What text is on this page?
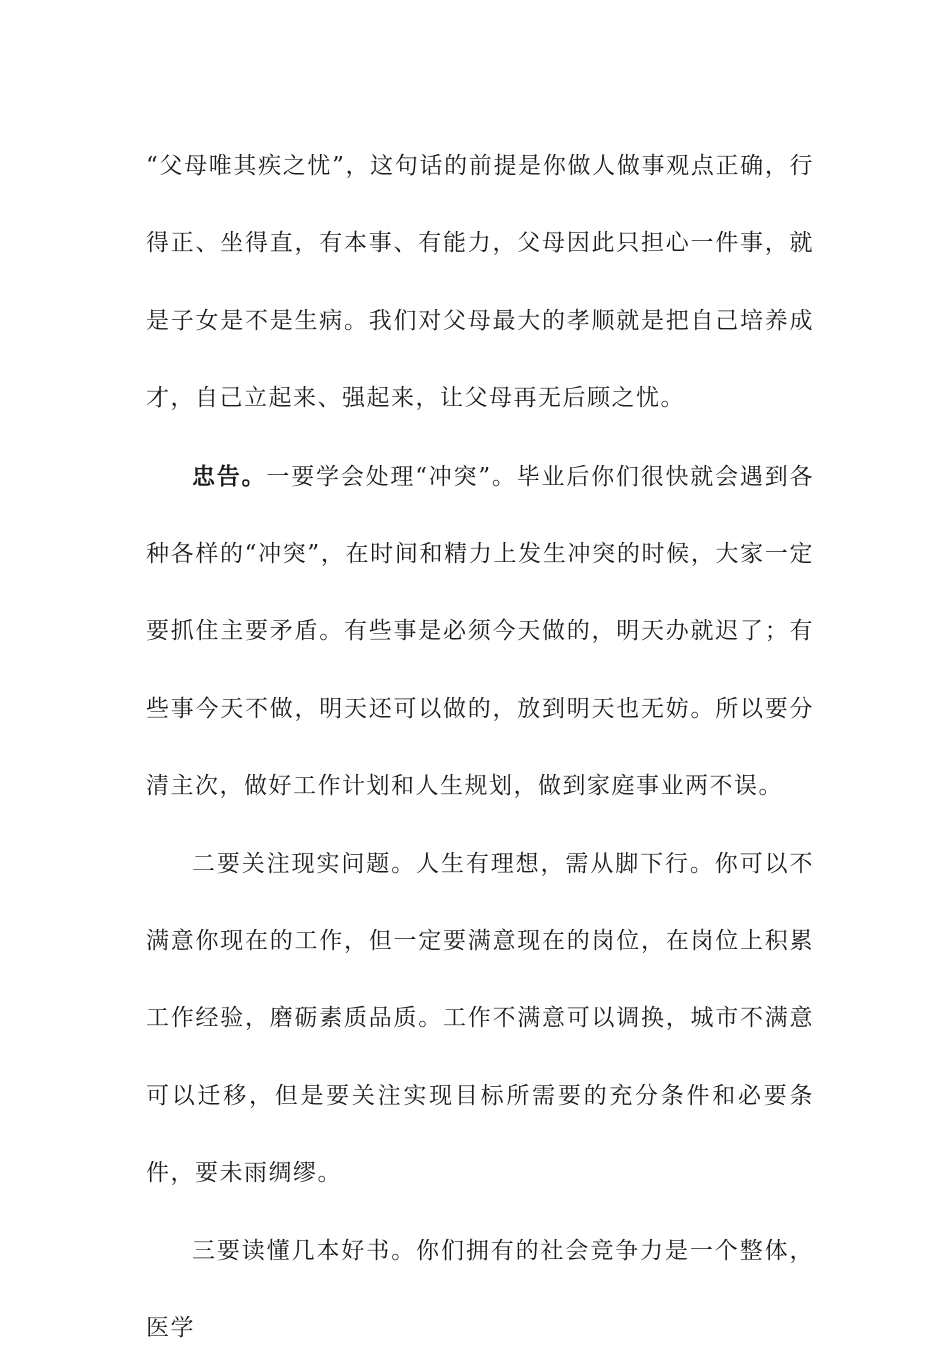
“父母唯其疾之忧”，这句话的前提是你做人做事观点正确，行得正、坐得直，有本事、有能力，父母因此只担心一件事，就是子女是不是生病。我们对父母最大的孝顺就是把自己培养成才，自己立起来、强起来，让父母再无后顾之忧。

忠告。一要学会处理“冲突”。毕业后你们很快就会遇到各种各样的“冲突”，在时间和精力上发生冲突的时候，大家一定要抓住主要矛盾。有些事是必须今天做的，明天办就迟了；有些事今天不做，明天还可以做的，放到明天也无妨。所以要分清主次，做好工作计划和人生规划，做到家庭事业两不误。

二要关注现实问题。人生有理想，需从脚下行。你可以不满意你现在的工作，但一定要满意现在的岗位，在岗位上积累工作经验，磨砺素质品质。工作不满意可以调换，城市不满意可以迁移，但是要关注实现目标所需要的充分条件和必要条件，要未雨绸缪。

三要读懂几本好书。你们拥有的社会竞争力是一个整体，医学
